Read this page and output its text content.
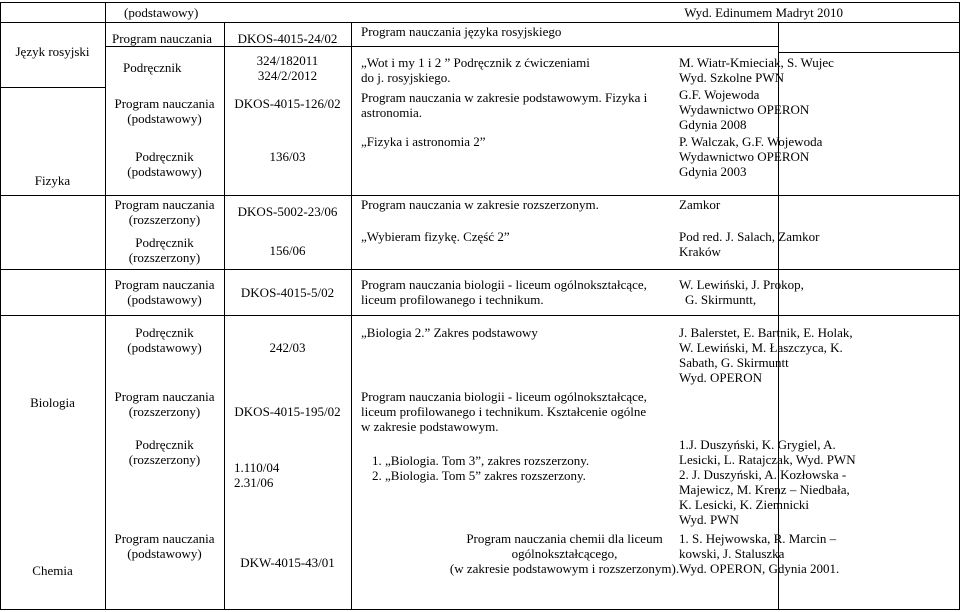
(podstawowy)	Wyd. Edinumem Madryt 2010
Język rosyjski
Fizyka
Biologia
Chemia
Program nauczania
Podręcznik
Program nauczania
(podstawowy)
Podręcznik
(podstawowy)
Program nauczania
(rozszerzony)
Podręcznik
(rozszerzony)
Program nauczania
(podstawowy)
Podręcznik
(podstawowy)
Program nauczania
(rozszerzony)
Podręcznik
(rozszerzony)
Program nauczania
(podstawowy)
DKOS-4015-24/02
324/182011
324/2/2012
DKOS-4015-126/02
136/03
DKOS-5002-23/06
156/06
DKOS-4015-5/02
242/03
DKOS-4015-195/02
1.110/04
2.31/06
DKW-4015-43/01
Program nauczania języka rosyjskiego
„Wot i my 1 i 2 ” Podręcznik z ćwiczeniami
do j. rosyjskiego.
Program nauczania w zakresie podstawowym. Fizyka i
astronomia.
„Fizyka i astronomia 2”
Program nauczania w zakresie rozszerzonym.
„Wybieram fizykę. Część 2”
Program nauczania biologii - liceum ogólnokształcące,
liceum profilowanego i technikum.
„Biologia 2.” Zakres podstawowy
Program nauczania biologii - liceum ogólnokształcące,
liceum profilowanego i technikum. Kształcenie ogólne
w zakresie podstawowym.
1. „Biologia. Tom 3”, zakres rozszerzony.
2. „Biologia. Tom 5” zakres rozszerzony.
Program nauczania chemii dla liceum
ogólnokształcącego,
(w zakresie podstawowym i rozszerzonym).
M. Wiatr-Kmieciak, S. Wujec
Wyd. Szkolne PWN
G.F. Wojewoda
Wydawnictwo OPERON
Gdynia 2008
P. Walczak, G.F. Wojewoda
Wydawnictwo OPERON
Gdynia 2003
Zamkor
Pod red. J. Salach, Zamkor
Kraków
W. Lewiński, J. Prokop,
G. Skirmuntt,
J. Balerstet, E. Bartnik, E. Holak,
W. Lewiński, M. Łaszczyca, K.
Sabath, G. Skirmuntt
Wyd. OPERON
1.J. Duszyński, K. Grygiel, A.
Lesicki, L. Ratajczak, Wyd. PWN
2. J. Duszyński, A. Kozłowska -
Majewicz, M. Krenz – Niedbała,
K. Lesicki, K. Ziemnicki
Wyd. PWN
1. S. Hejwowska, R. Marcin –
kowski, J. Staluszka
Wyd. OPERON, Gdynia 2001.
